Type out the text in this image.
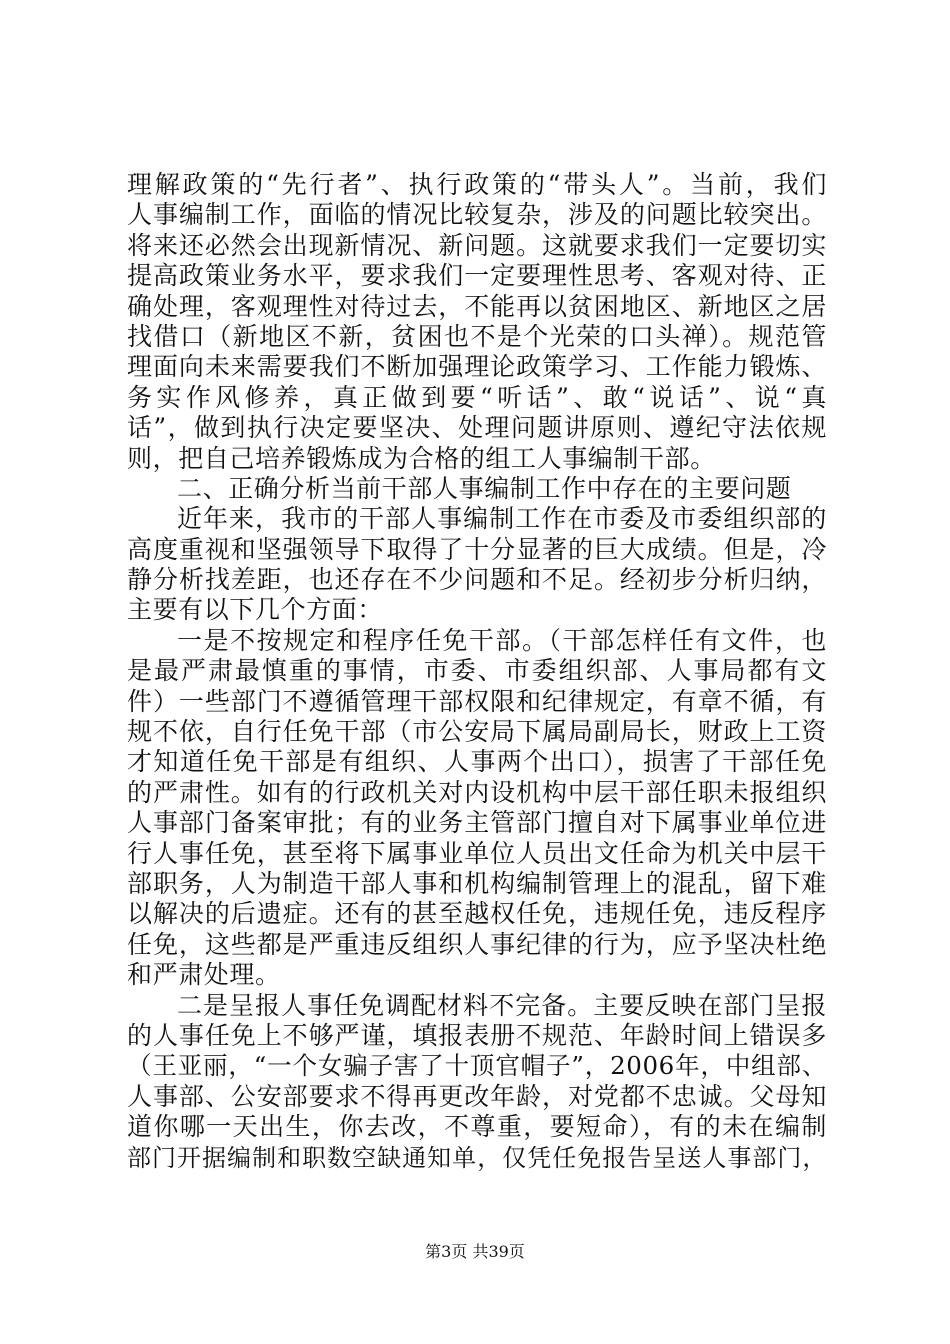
理解政策的“先行者”、执行政策的“带头人”。当前，我们
人事编制工作，面临的情况比较复杂，涉及的问题比较突出。
将来还必然会出现新情况、新问题。这就要求我们一定要切实
提高政策业务水平，要求我们一定要理性思考、客观对待、正
确处理，客观理性对待过去，不能再以贫困地区、新地区之居
找借口（新地区不新，贫困也不是个光荣的口头禅）。规范管
理面向未来需要我们不断加强理论政策学习、工作能力锻炼、
务实作风修养，真正做到要“听话”、敢“说话”、说“真
话”，做到执行决定要坚决、处理问题讲原则、遵纪守法依规
则，把自己培养锻炼成为合格的组工人事编制干部。
二、正确分析当前干部人事编制工作中存在的主要问题
近年来，我市的干部人事编制工作在市委及市委组织部的
高度重视和坚强领导下取得了十分显著的巨大成绩。但是，冷
静分析找差距，也还存在不少问题和不足。经初步分析归纳，
主要有以下几个方面：
一是不按规定和程序任免干部。（干部怎样任有文件，也
是最严肃最慎重的事情，市委、市委组织部、人事局都有文
件）一些部门不遵循管理干部权限和纪律规定，有章不循，有
规不依，自行任免干部（市公安局下属局副局长，财政上工资
才知道任免干部是有组织、人事两个出口），损害了干部任免
的严肃性。如有的行政机关对内设机构中层干部任职未报组织
人事部门备案审批；有的业务主管部门擅自对下属事业单位进
行人事任免，甚至将下属事业单位人员出文任命为机关中层干
部职务，人为制造干部人事和机构编制管理上的混乱，留下难
以解决的后遗症。还有的甚至越权任免，违规任免，违反程序
任免，这些都是严重违反组织人事纪律的行为，应予坚决杜绝
和严肃处理。
二是呈报人事任免调配材料不完备。主要反映在部门呈报
的人事任免上不够严谨，填报表册不规范、年龄时间上错误多
（王亚丽，“一个女骗子害了十顶官帽子”，2006年，中组部、
人事部、公安部要求不得再更改年龄，对党都不忠诚。父母知
道你哪一天出生，你去改，不尊重，要短命），有的未在编制
部门开据编制和职数空缺通知单，仅凭任免报告呈送人事部门，
第3页 共39页
